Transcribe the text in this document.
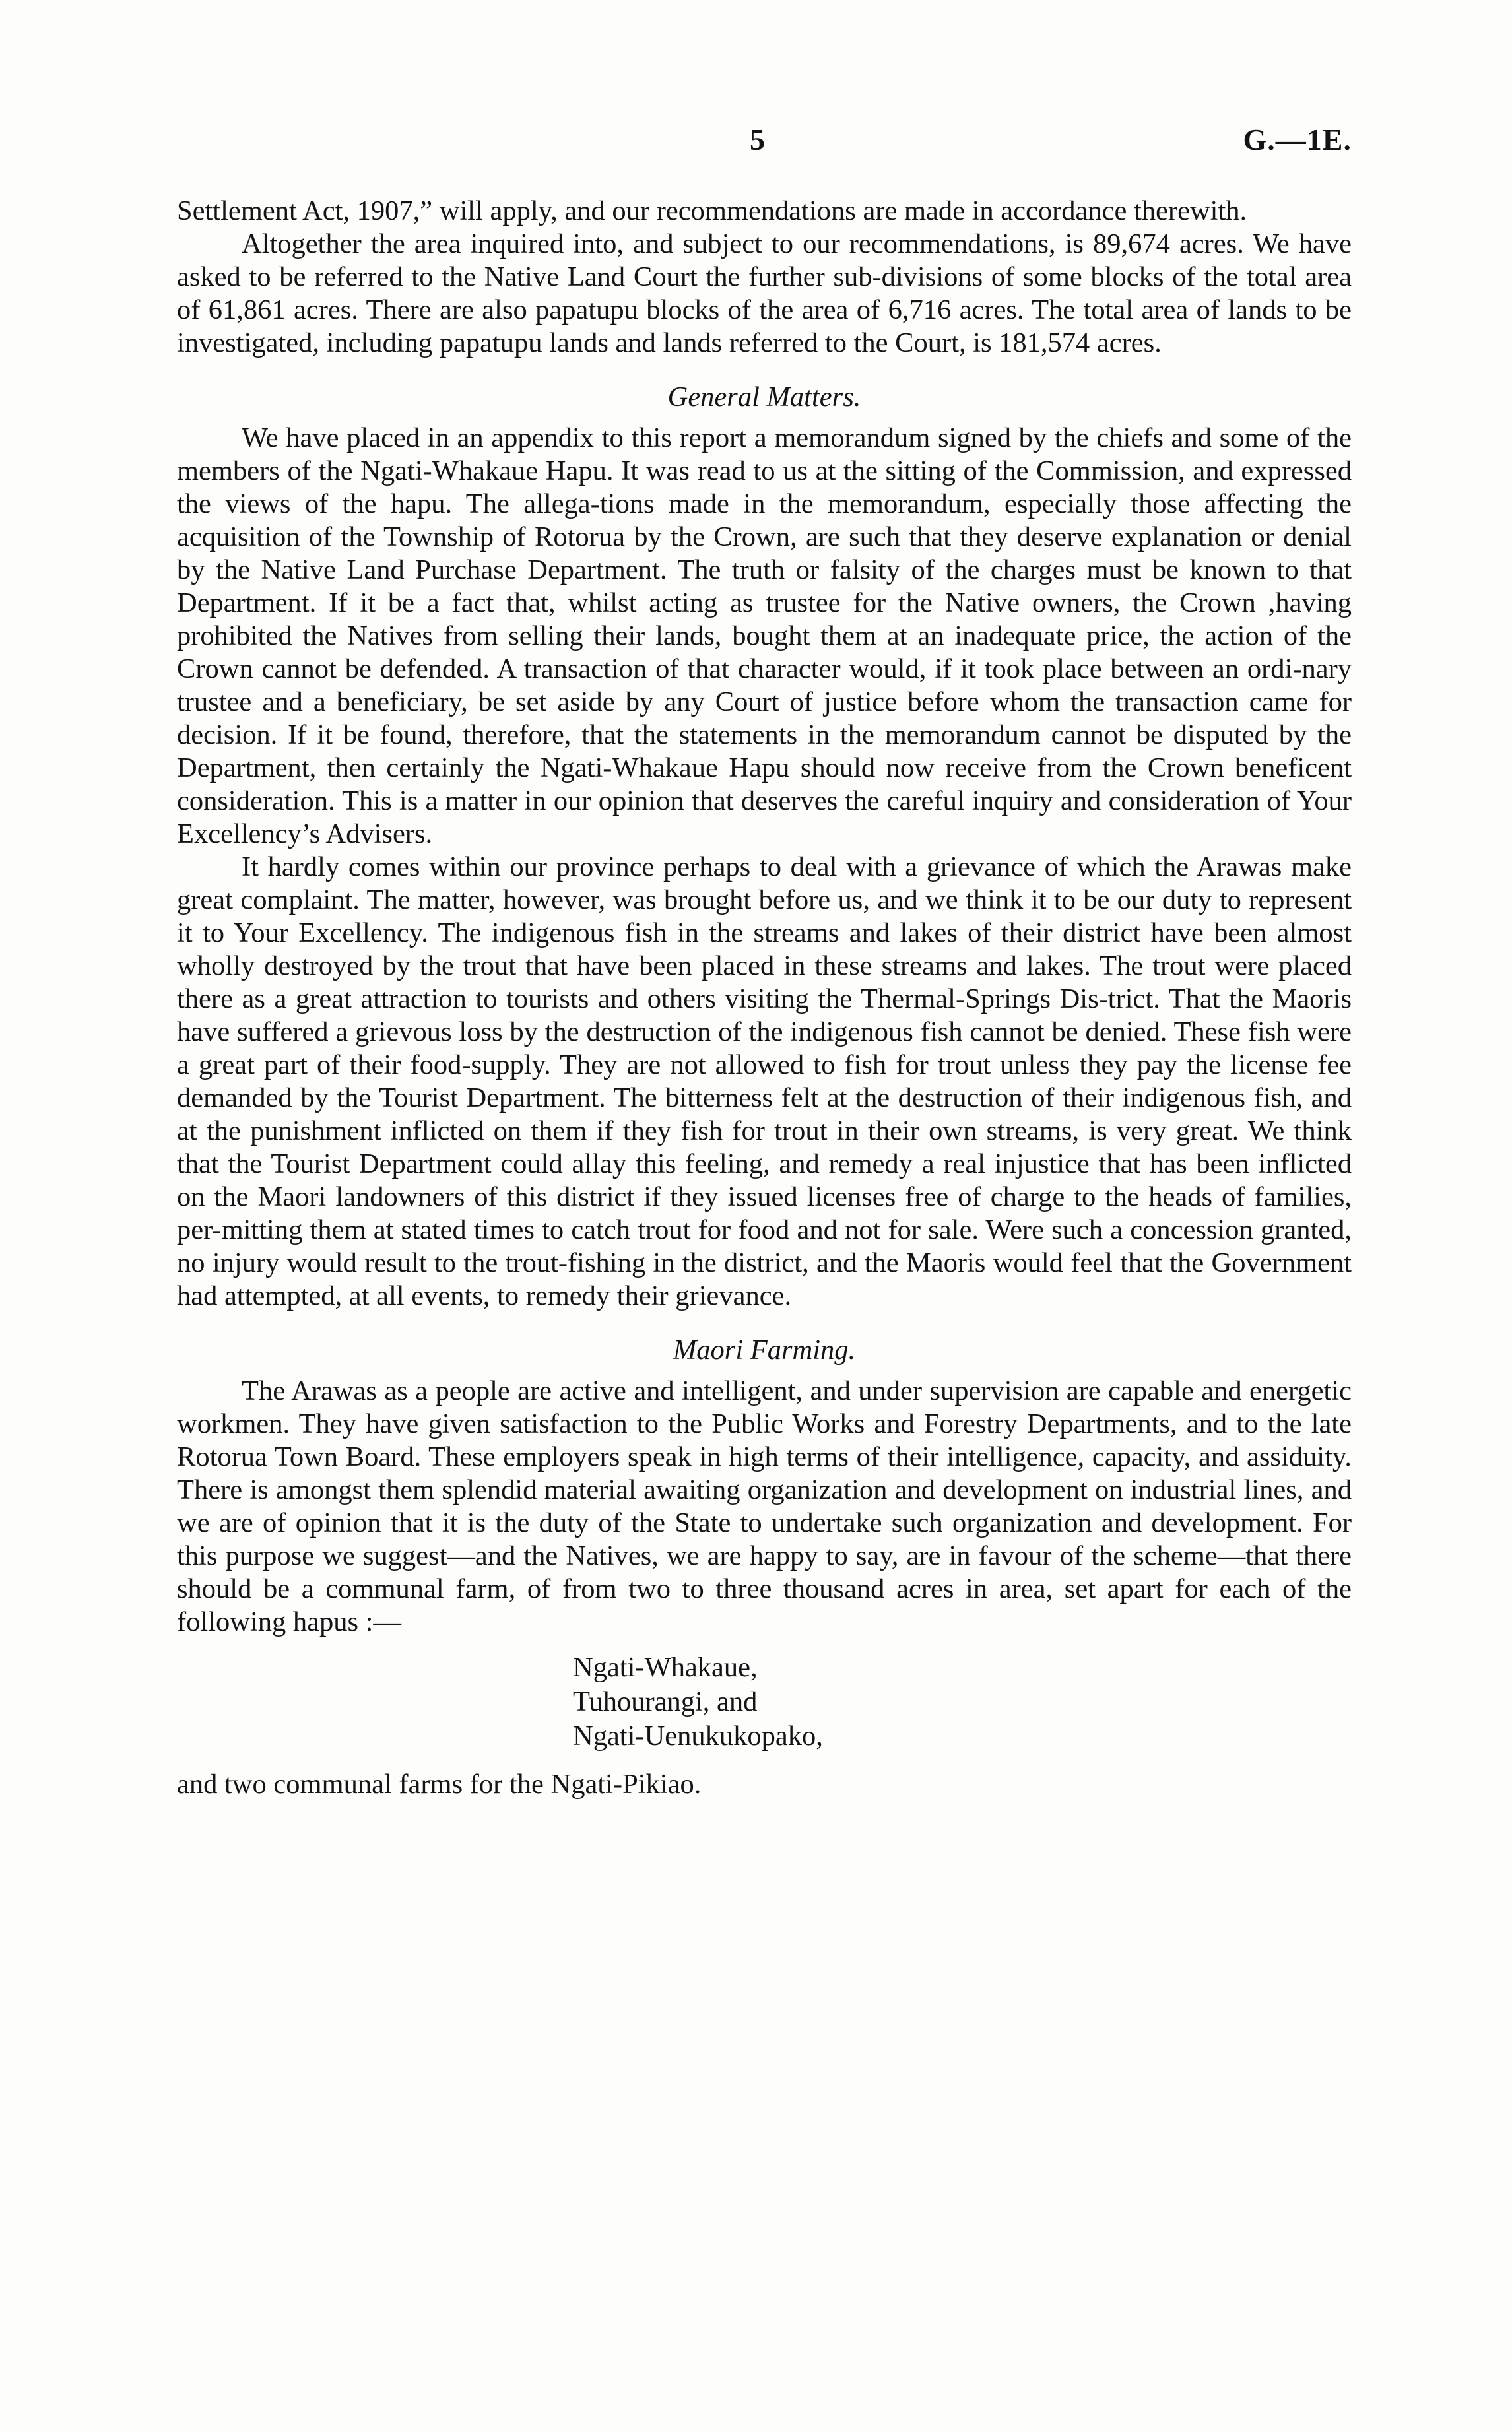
5	G.—1E.

Settlement Act, 1907,” will apply, and our recommendations are made in accordance therewith.

Altogether the area inquired into, and subject to our recommendations, is 89,674 acres. We have asked to be referred to the Native Land Court the further sub-divisions of some blocks of the total area of 61,861 acres. There are also papatupu blocks of the area of 6,716 acres. The total area of lands to be investigated, including papatupu lands and lands referred to the Court, is 181,574 acres.

General Matters.

We have placed in an appendix to this report a memorandum signed by the chiefs and some of the members of the Ngati-Whakaue Hapu. It was read to us at the sitting of the Commission, and expressed the views of the hapu. The allega-tions made in the memorandum, especially those affecting the acquisition of the Township of Rotorua by the Crown, are such that they deserve explanation or denial by the Native Land Purchase Department. The truth or falsity of the charges must be known to that Department. If it be a fact that, whilst acting as trustee for the Native owners, the Crown ,having prohibited the Natives from selling their lands, bought them at an inadequate price, the action of the Crown cannot be defended. A transaction of that character would, if it took place between an ordi-nary trustee and a beneficiary, be set aside by any Court of justice before whom the transaction came for decision. If it be found, therefore, that the statements in the memorandum cannot be disputed by the Department, then certainly the Ngati-Whakaue Hapu should now receive from the Crown beneficent consideration. This is a matter in our opinion that deserves the careful inquiry and consideration of Your Excellency’s Advisers.

It hardly comes within our province perhaps to deal with a grievance of which the Arawas make great complaint. The matter, however, was brought before us, and we think it to be our duty to represent it to Your Excellency. The indigenous fish in the streams and lakes of their district have been almost wholly destroyed by the trout that have been placed in these streams and lakes. The trout were placed there as a great attraction to tourists and others visiting the Thermal-Springs Dis-trict. That the Maoris have suffered a grievous loss by the destruction of the indigenous fish cannot be denied. These fish were a great part of their food-supply. They are not allowed to fish for trout unless they pay the license fee demanded by the Tourist Department. The bitterness felt at the destruction of their indigenous fish, and at the punishment inflicted on them if they fish for trout in their own streams, is very great. We think that the Tourist Department could allay this feeling, and remedy a real injustice that has been inflicted on the Maori landowners of this district if they issued licenses free of charge to the heads of families, per-mitting them at stated times to catch trout for food and not for sale. Were such a concession granted, no injury would result to the trout-fishing in the district, and the Maoris would feel that the Government had attempted, at all events, to remedy their grievance.

Maori Farming.

The Arawas as a people are active and intelligent, and under supervision are capable and energetic workmen. They have given satisfaction to the Public Works and Forestry Departments, and to the late Rotorua Town Board. These employers speak in high terms of their intelligence, capacity, and assiduity. There is amongst them splendid material awaiting organization and development on industrial lines, and we are of opinion that it is the duty of the State to undertake such organization and development. For this purpose we suggest—and the Natives, we are happy to say, are in favour of the scheme—that there should be a communal farm, of from two to three thousand acres in area, set apart for each of the following hapus :—

Ngati-Whakaue,
Tuhourangi, and
Ngati-Uenukukopako,

and two communal farms for the Ngati-Pikiao.
